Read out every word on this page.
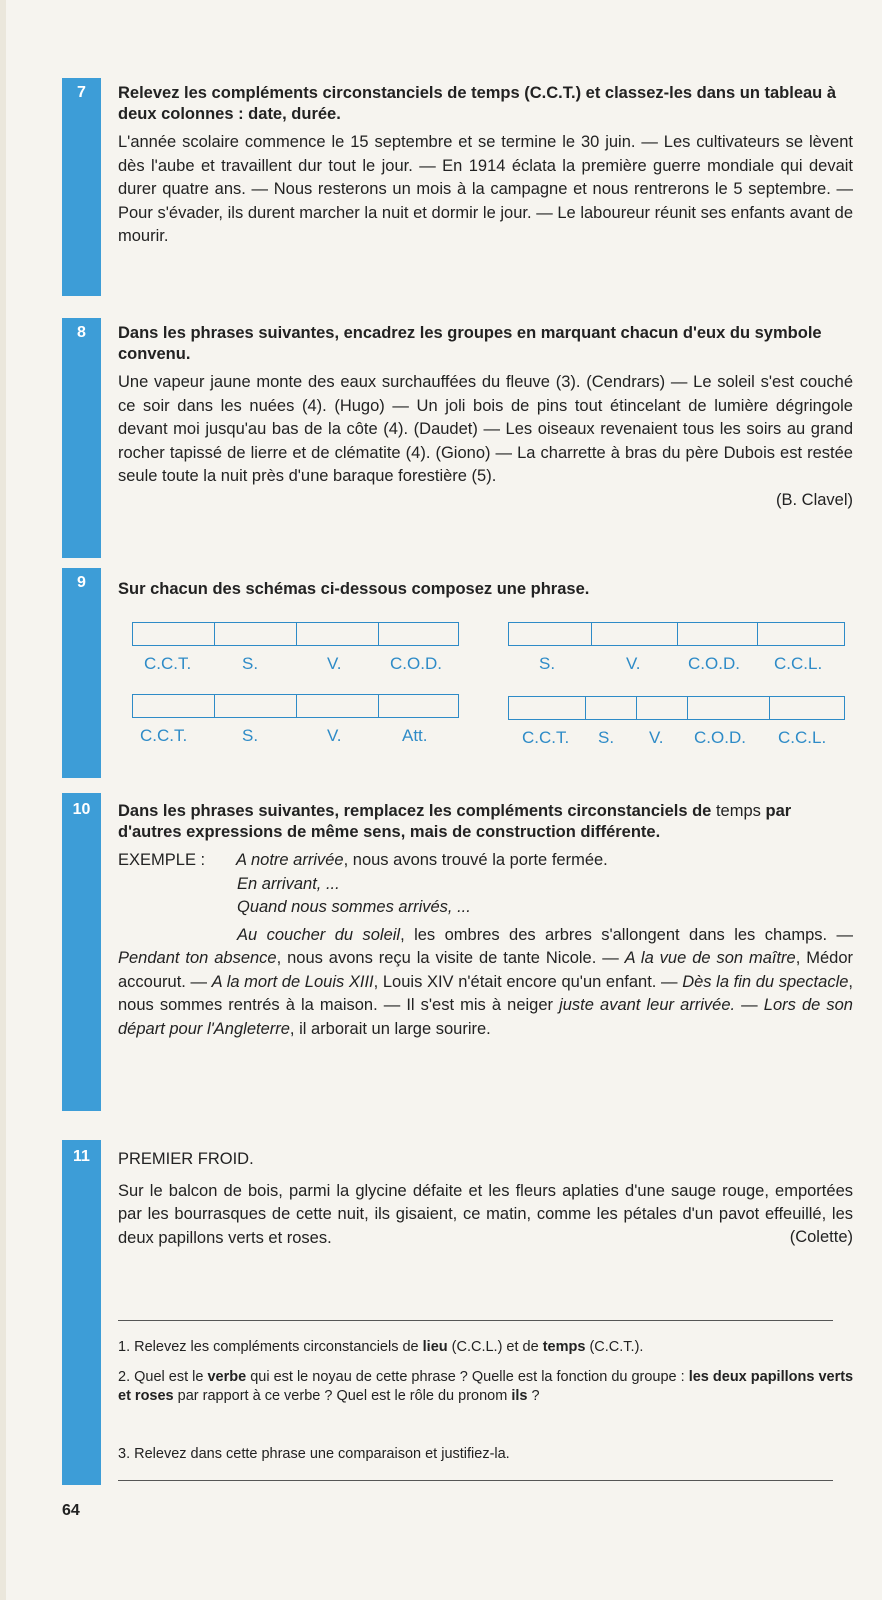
7
8
9
10
11
Relevez les compléments circonstanciels de temps (C.C.T.) et classez-les dans un tableau à deux colonnes : date, durée.
L'année scolaire commence le 15 septembre et se termine le 30 juin. — Les cultivateurs se lèvent dès l'aube et travaillent dur tout le jour. — En 1914 éclata la première guerre mondiale qui devait durer quatre ans. — Nous resterons un mois à la campagne et nous rentrerons le 5 septembre. — Pour s'évader, ils durent marcher la nuit et dormir le jour. — Le laboureur réunit ses enfants avant de mourir.
Dans les phrases suivantes, encadrez les groupes en marquant chacun d'eux du symbole convenu.
Une vapeur jaune monte des eaux surchauffées du fleuve (3). (Cendrars) — Le soleil s'est couché ce soir dans les nuées (4). (Hugo) — Un joli bois de pins tout étincelant de lumière dégringole devant moi jusqu'au bas de la côte (4). (Daudet) — Les oiseaux revenaient tous les soirs au grand rocher tapissé de lierre et de clématite (4). (Giono) — La charrette à bras du père Dubois est restée seule toute la nuit près d'une baraque forestière (5).
(B. Clavel)
Sur chacun des schémas ci-dessous composez une phrase.
C.C.T.	S.	V.	C.O.D.	S.	V.	C.O.D. C.C.L.
C.C.T.	S.	V.	Att.	C.C.T. S. V. C.O.D. C.C.L.
Dans les phrases suivantes, remplacez les compléments circonstanciels de temps par d'autres expressions de même sens, mais de construction différente.

EXEMPLE : A notre arrivée, nous avons trouvé la porte fermée.

En arrivant, ...

Quand nous sommes arrivés, ...

Au coucher du soleil, les ombres des arbres s'allongent dans les champs. — Pendant ton absence, nous avons reçu la visite de tante Nicole. — A la vue de son maître, Médor accourut. — A la mort de Louis XIII, Louis XIV n'était encore qu'un enfant. — Dès la fin du spectacle, nous sommes rentrés à la maison. — Il s'est mis à neiger juste avant leur arrivée. — Lors de son départ pour l'Angleterre, il arborait un large sourire.

PREMIER FROID.
Sur le balcon de bois, parmi la glycine défaite et les fleurs aplaties d'une sauge rouge, emportées par les bourrasques de cette nuit, ils gisaient, ce matin, comme les pétales d'un pavot effeuillé, les deux papillons verts et roses.	(Colette)
1. Relevez les compléments circonstanciels de lieu (C.C.L.) et de temps (C.C.T.).
2. Quel est le verbe qui est le noyau de cette phrase ? Quelle est la fonction du groupe : les deux papillons verts et roses par rapport à ce verbe ? Quel est le rôle du pronom ils ?
3. Relevez dans cette phrase une comparaison et justifiez-la.
64
